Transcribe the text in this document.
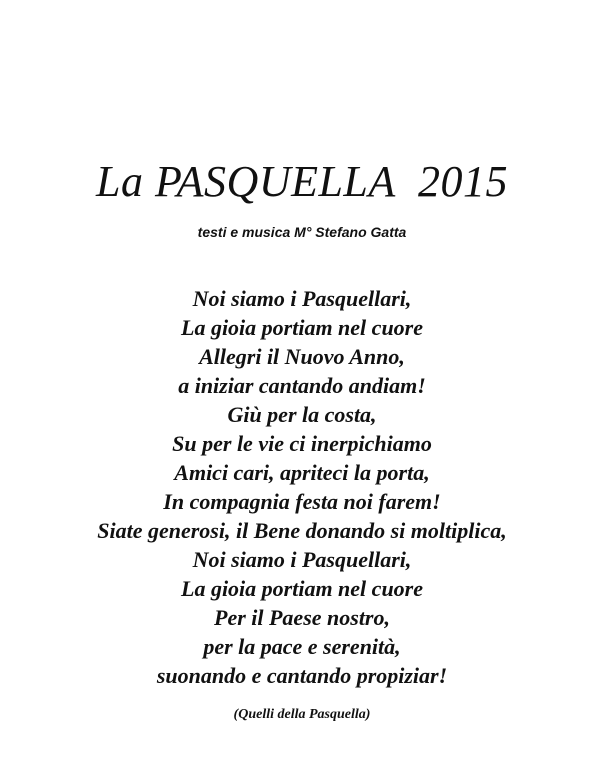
La PASQUELLA  2015
testi e musica M° Stefano Gatta
Noi siamo i Pasquellari,
La gioia portiam nel cuore
Allegri il Nuovo Anno,
a iniziar cantando andiam!
Giù per la costa,
Su per le vie ci inerpichiamo
Amici cari, apriteci la porta,
In compagnia festa noi farem!
Siate generosi, il Bene donando si moltiplica,
Noi siamo i Pasquellari,
La gioia portiam nel cuore
Per il Paese nostro,
per la pace e serenità,
suonando e cantando propiziar!
(Quelli della Pasquella)
